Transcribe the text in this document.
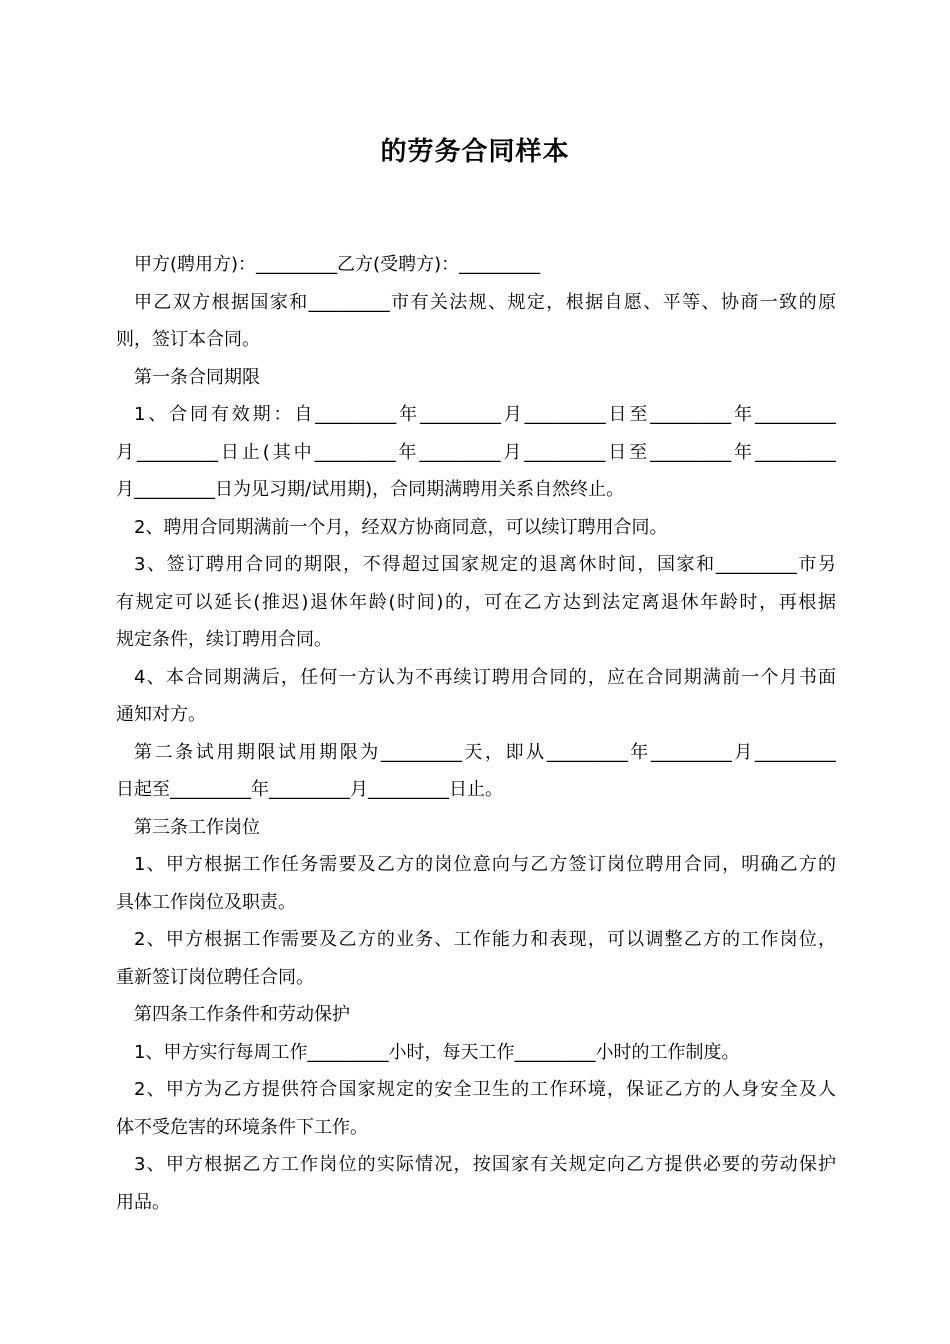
的劳务合同样本
甲方(聘用方)：_________乙方(受聘方)：_________
甲乙双方根据国家和_________市有关法规、规定，根据自愿、平等、协商一致的原
则，签订本合同。
第一条合同期限
1、合同有效期：自_________年_________月_________日至_________年_________
月_________日止(其中_________年_________月_________日至_________年_________
月_________日为见习期/试用期)，合同期满聘用关系自然终止。
2、聘用合同期满前一个月，经双方协商同意，可以续订聘用合同。
3、签订聘用合同的期限，不得超过国家规定的退离休时间，国家和_________市另
有规定可以延长(推迟)退休年龄(时间)的，可在乙方达到法定离退休年龄时，再根据
规定条件，续订聘用合同。
4、本合同期满后，任何一方认为不再续订聘用合同的，应在合同期满前一个月书面
通知对方。
第二条试用期限试用期限为_________天，即从_________年_________月_________
日起至_________年_________月_________日止。
第三条工作岗位
1、甲方根据工作任务需要及乙方的岗位意向与乙方签订岗位聘用合同，明确乙方的
具体工作岗位及职责。
2、甲方根据工作需要及乙方的业务、工作能力和表现，可以调整乙方的工作岗位，
重新签订岗位聘任合同。
第四条工作条件和劳动保护
1、甲方实行每周工作_________小时，每天工作_________小时的工作制度。
2、甲方为乙方提供符合国家规定的安全卫生的工作环境，保证乙方的人身安全及人
体不受危害的环境条件下工作。
3、甲方根据乙方工作岗位的实际情况，按国家有关规定向乙方提供必要的劳动保护
用品。
